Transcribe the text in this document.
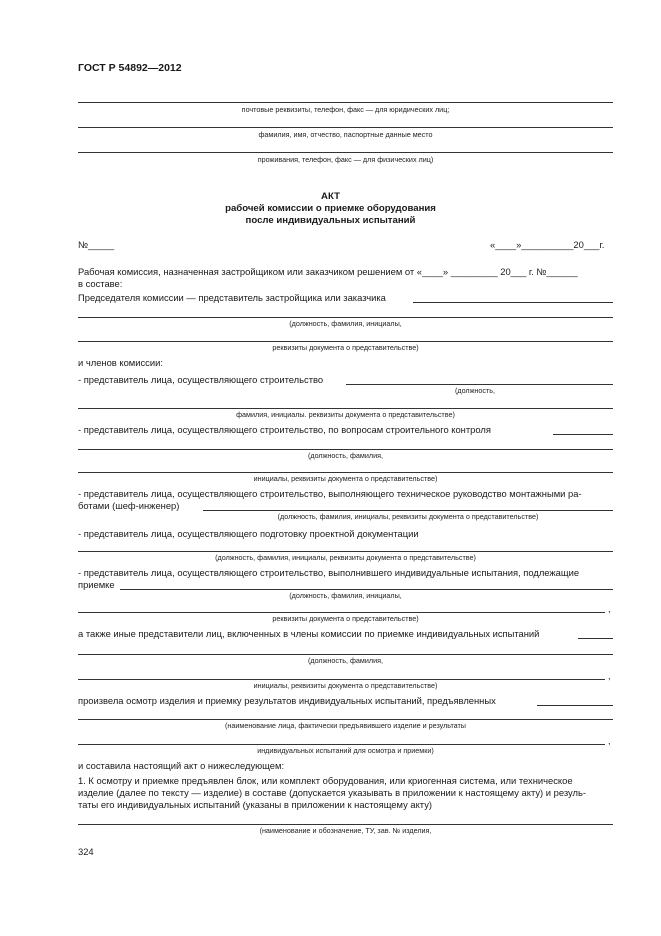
ГОСТ Р 54892—2012
почтовые реквизиты, телефон, факс — для юридических лиц;
фамилия, имя, отчество, паспортные данные место
проживания, телефон, факс — для физических лиц)
АКТ
рабочей комиссии о приемке оборудования
после индивидуальных испытаний
№_____	«____»__________20___г.
Рабочая комиссия, назначенная застройщиком или заказчиком решением от «____» _________ 20___ г. №______
в составе:
Председателя комиссии — представитель застройщика или заказчика
(должность, фамилия, инициалы,
реквизиты документа о представительстве)
и членов комиссии:
- представитель лица, осуществляющего строительство
(должность,
фамилия, инициалы. реквизиты документа о представительстве)
- представитель лица, осуществляющего строительство, по вопросам строительного контроля
(должность, фамилия,
инициалы, реквизиты документа о представительстве)
- представитель лица, осуществляющего строительство, выполняющего техническое руководство монтажными ра-
ботами (шеф-инженер)
(должность, фамилия, инициалы, реквизиты документа о представительстве)
- представитель лица, осуществляющего подготовку проектной документации
(должность, фамилия, инициалы, реквизиты документа о представительстве)
- представитель лица, осуществляющего строительство, выполнившего индивидуальные испытания, подлежащие
приемке
(должность, фамилия, инициалы,
,
реквизиты документа о представительстве)
а также иные представители лиц, включенных в члены комиссии по приемке индивидуальных испытаний
(должность, фамилия,
,
инициалы, реквизиты документа о представительстве)
произвела осмотр изделия и приемку результатов индивидуальных испытаний, предъявленных
(наименование лица, фактически предъявившего изделие и результаты
,
индивидуальных испытаний для осмотра и приемки)
и составила настоящий акт о нижеследующем:
1. К осмотру и приемке предъявлен блок, или комплект оборудования, или криогенная система, или техническое
изделие (далее по тексту — изделие) в составе (допускается указывать в приложении к настоящему акту) и резуль-
таты его индивидуальных испытаний (указаны в приложении к настоящему акту)
(наименование и обозначение, ТУ, зав. № изделия,
324
